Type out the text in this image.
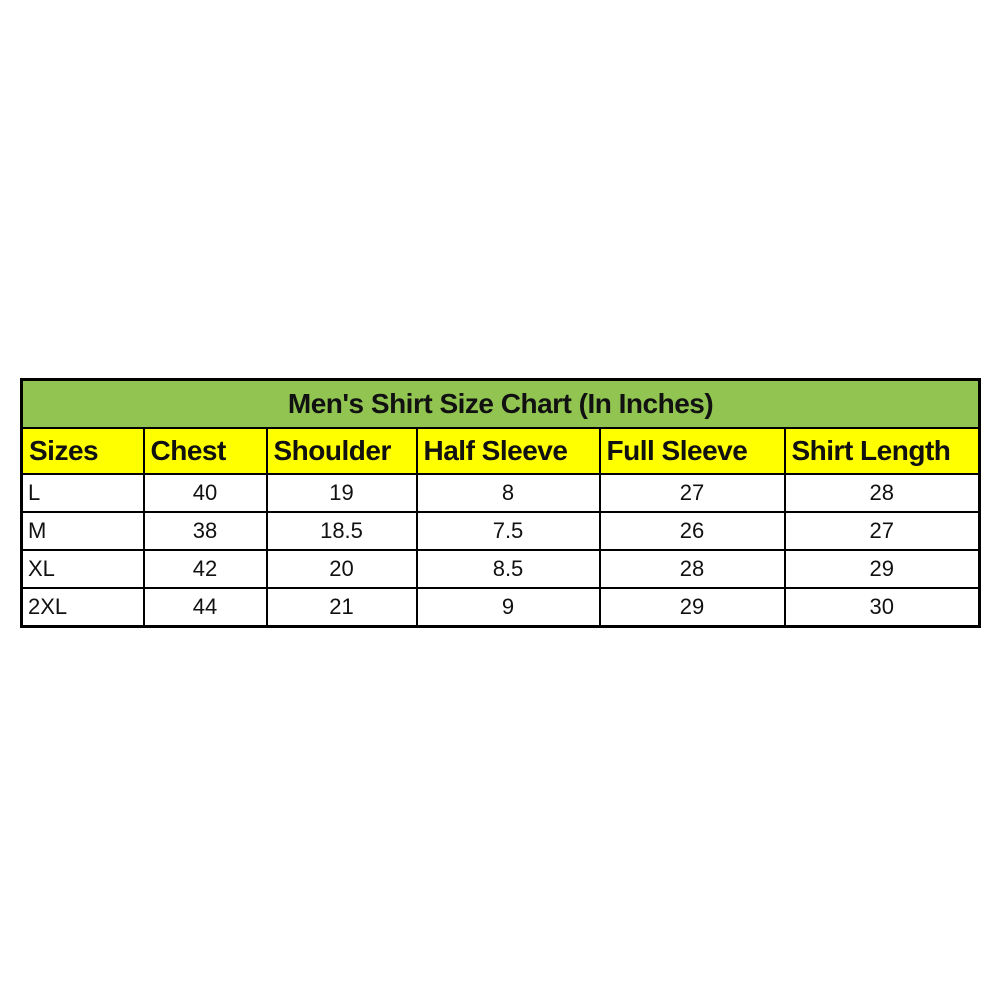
Men's Shirt Size Chart (In Inches)					
Sizes	Chest	Shoulder	Half Sleeve	Full Sleeve	Shirt Length
L	40	19	8	27	28
M	38	18.5	7.5	26	27
XL	42	20	8.5	28	29
2XL	44	21	9	29	30
